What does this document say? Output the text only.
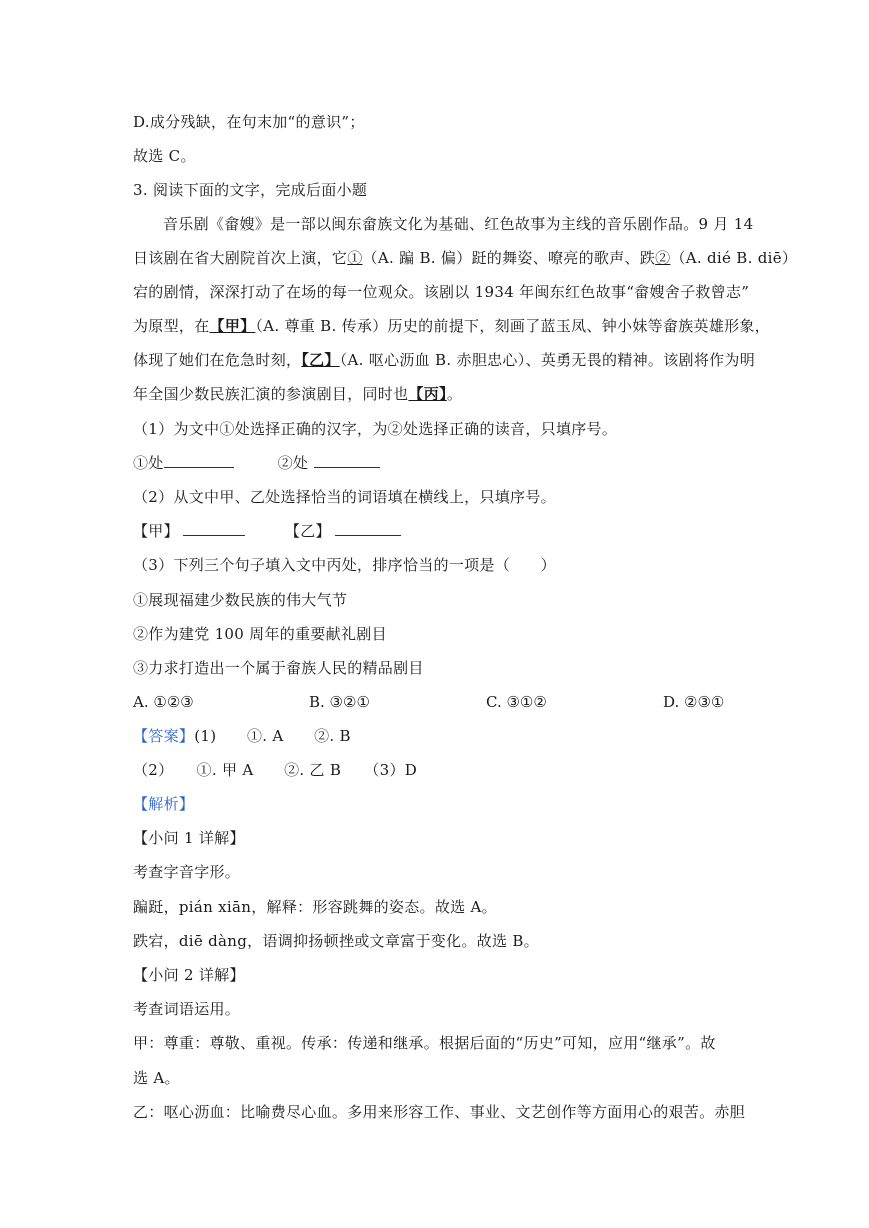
D.成分残缺，在句末加“的意识”；
故选 C。
3. 阅读下面的文字，完成后面小题
音乐剧《畲嫂》是一部以闽东畲族文化为基础、红色故事为主线的音乐剧作品。9 月 14
日该剧在省大剧院首次上演，它①（A. 蹁 B. 偏）跹的舞姿、嘹亮的歌声、跌②（A. dié B. diē）
宕的剧情，深深打动了在场的每一位观众。该剧以 1934 年闽东红色故事“畲嫂舍子救曾志”
为原型，在【甲】（A. 尊重 B. 传承）历史的前提下，刻画了蓝玉凤、钟小妹等畲族英雄形象，
体现了她们在危急时刻，【乙】（A. 呕心沥血 B. 赤胆忠心）、英勇无畏的精神。该剧将作为明
年全国少数民族汇演的参演剧目，同时也【丙】。
（1）为文中①处选择正确的汉字，为②处选择正确的读音，只填序号。
①处	②处
（2）从文中甲、乙处选择恰当的词语填在横线上，只填序号。
【甲】	【乙】
（3）下列三个句子填入文中丙处，排序恰当的一项是（　　）
①展现福建少数民族的伟大气节
②作为建党 100 周年的重要献礼剧目
③力求打造出一个属于畲族人民的精品剧目
A. ①②③	B. ③②①	C. ③①②	D. ②③①
【答案】(1)　　①. A　　②. B
（2）　　①. 甲 A　　②. 乙 B　　（3）D
【解析】
【小问 1 详解】
考查字音字形。
蹁跹，pián xiān，解释：形容跳舞的姿态。故选 A。
跌宕，diē dàng，语调抑扬顿挫或文章富于变化。故选 B。
【小问 2 详解】
考查词语运用。
甲：尊重：尊敬、重视。传承：传递和继承。根据后面的“历史”可知，应用“继承”。故
选 A。
乙：呕心沥血：比喻费尽心血。多用来形容工作、事业、文艺创作等方面用心的艰苦。赤胆
